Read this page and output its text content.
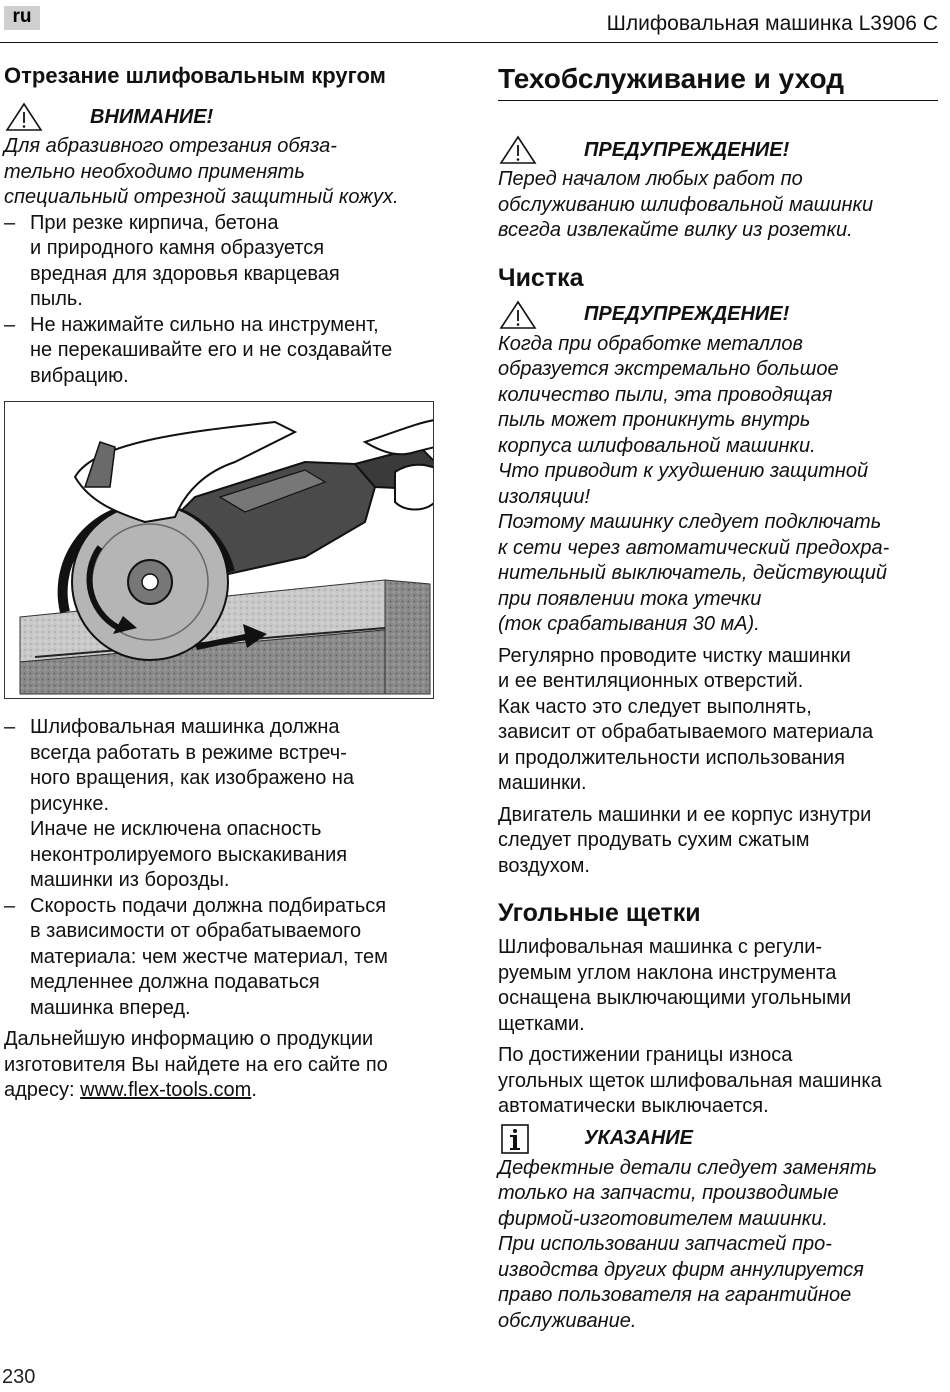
ru	Шлифовальная машинка L3906 C
Отрезание шлифовальным кругом
ВНИМАНИЕ!
Для абразивного отрезания обяза-
тельно необходимо применять
специальный отрезной защитный кожух.
– При резке кирпича, бетона
и природного камня образуется
вредная для здоровья кварцевая
пыль.
– Не нажимайте сильно на инструмент,
не перекашивайте его и не создавайте
вибрацию.
– Шлифовальная машинка должна
всегда работать в режиме встреч-
ного вращения, как изображено на
рисунке.
Иначе не исключена опасность
неконтролируемого выскакивания
машинки из борозды.
– Скорость подачи должна подбираться
в зависимости от обрабатываемого
материала: чем жестче материал, тем
медленнее должна подаваться
машинка вперед.
Дальнейшую информацию о продукции
изготовителя Вы найдете на его сайте по
адресу: www.flex-tools.com.
Техобслуживание и уход
ПРЕДУПРЕЖДЕНИЕ!
Перед началом любых работ по
обслуживанию шлифовальной машинки
всегда извлекайте вилку из розетки.
Чистка
ПРЕДУПРЕЖДЕНИЕ!
Когда при обработке металлов
образуется экстремально большое
количество пыли, эта проводящая
пыль может проникнуть внутрь
корпуса шлифовальной машинки.
Что приводит к ухудшению защитной
изоляции!
Поэтому машинку следует подключать
к сети через автоматический предохра-
нительный выключатель, действующий
при появлении тока утечки
(ток срабатывания 30 мА).
Регулярно проводите чистку машинки
и ее вентиляционных отверстий.
Как часто это следует выполнять,
зависит от обрабатываемого материала
и продолжительности использования
машинки.
Двигатель машинки и ее корпус изнутри
следует продувать сухим сжатым
воздухом.
Угольные щетки
Шлифовальная машинка с регули-
руемым углом наклона инструмента
оснащена выключающими угольными
щетками.
По достижении границы износа
угольных щеток шлифовальная машинка
автоматически выключается.
УКАЗАНИЕ
Дефектные детали следует заменять
только на запчасти, производимые
фирмой-изготовителем машинки.
При использовании запчастей про-
изводства других фирм аннулируется
право пользователя на гарантийное
обслуживание.
230
